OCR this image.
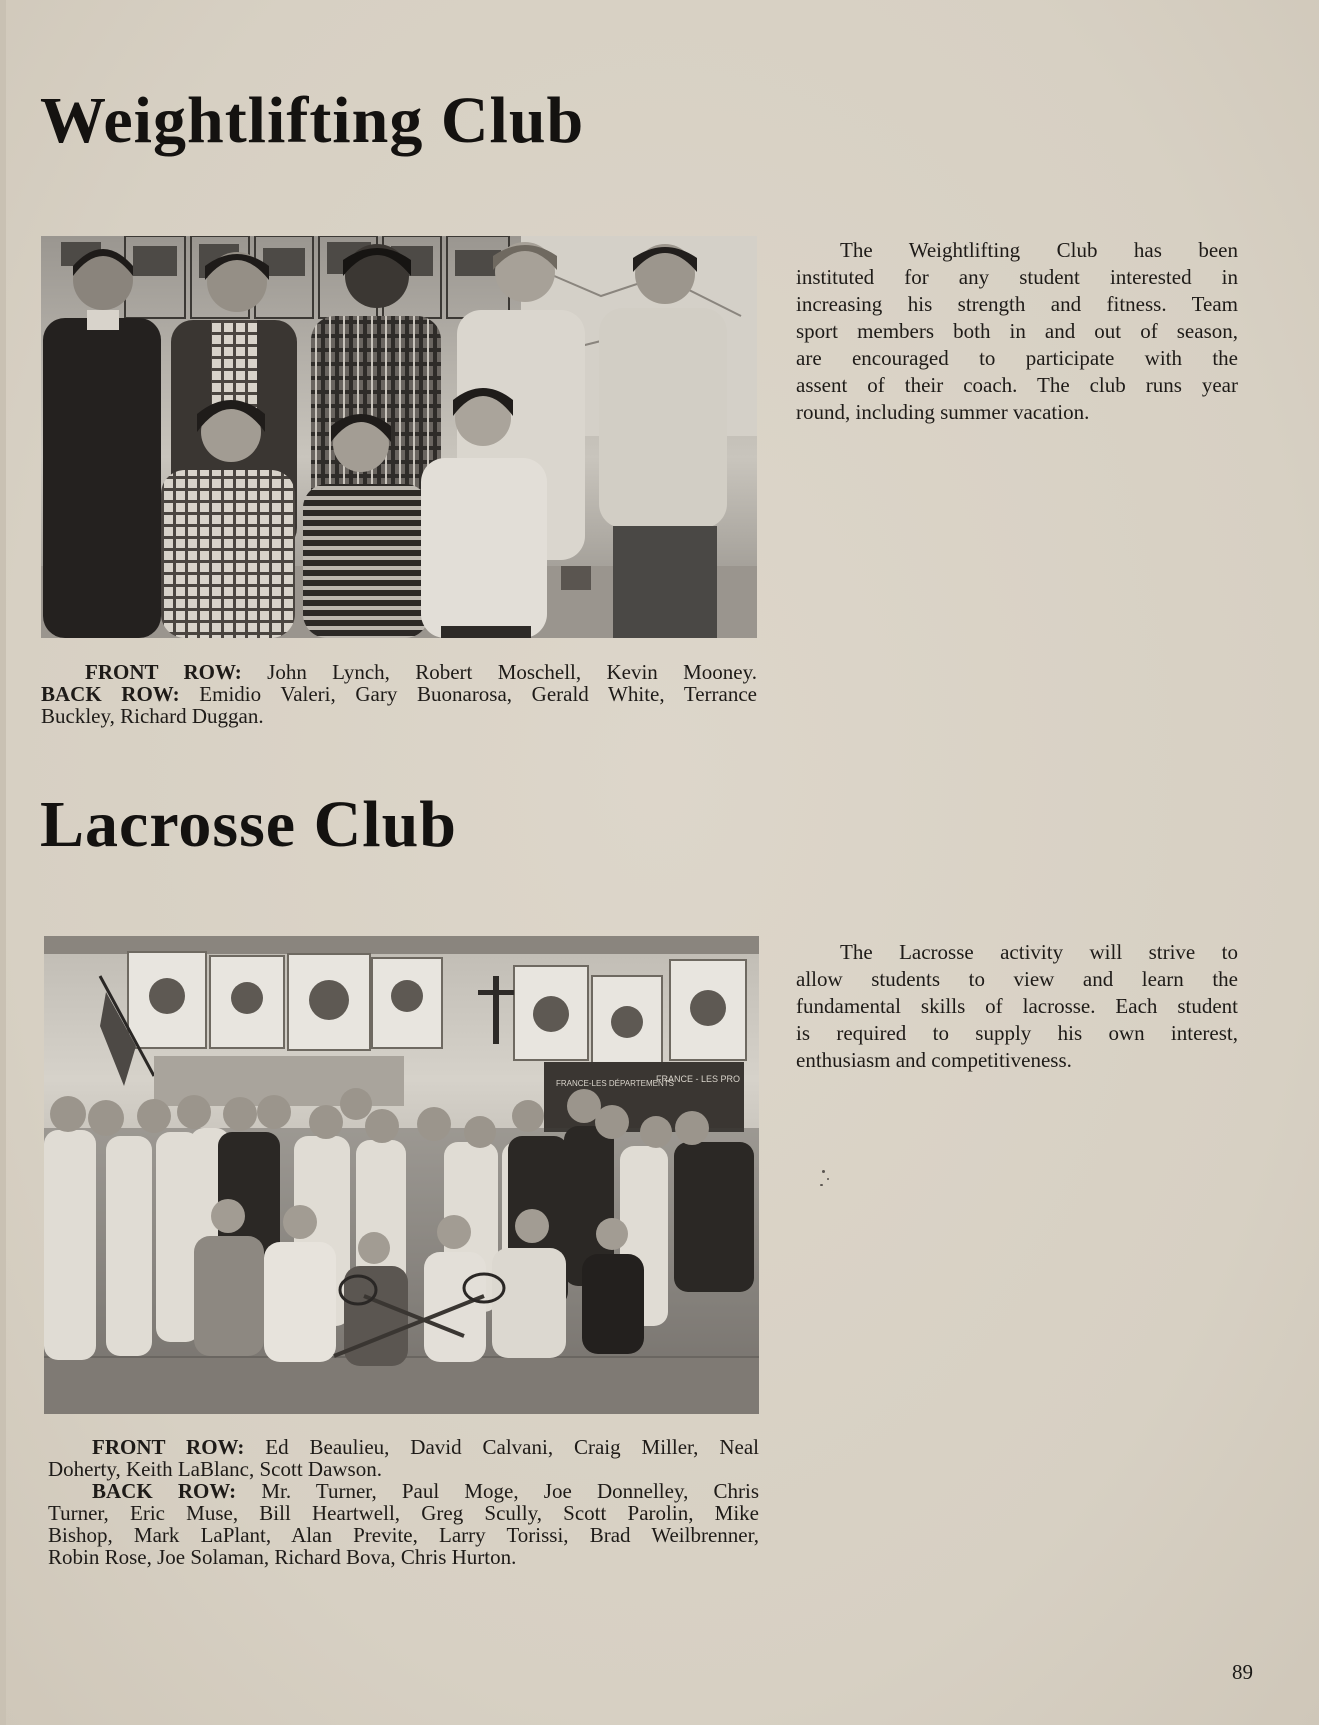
Weightlifting Club

The Weightlifting Club has been
instituted for any student interested in
increasing his strength and fitness. Team
sport members both in and out of season,
are encouraged to participate with the
assent of their coach. The club runs year
round, including summer vacation.

FRONT ROW: John Lynch, Robert Moschell, Kevin Mooney.
BACK ROW: Emidio Valeri, Gary Buonarosa, Gerald White, Terrance
Buckley, Richard Duggan.

Lacrosse Club
FRANCE-LES DÉPARTEMENTS
FRANCE - LES PRO

The Lacrosse activity will strive to
allow students to view and learn the
fundamental skills of lacrosse. Each student
is required to supply his own interest,
enthusiasm and competitiveness.

FRONT ROW: Ed Beaulieu, David Calvani, Craig Miller, Neal
Doherty, Keith LaBlanc, Scott Dawson.
BACK ROW: Mr. Turner, Paul Moge, Joe Donnelley, Chris
Turner, Eric Muse, Bill Heartwell, Greg Scully, Scott Parolin, Mike
Bishop, Mark LaPlant, Alan Previte, Larry Torissi, Brad Weilbrenner,
Robin Rose, Joe Solaman, Richard Bova, Chris Hurton.

89
